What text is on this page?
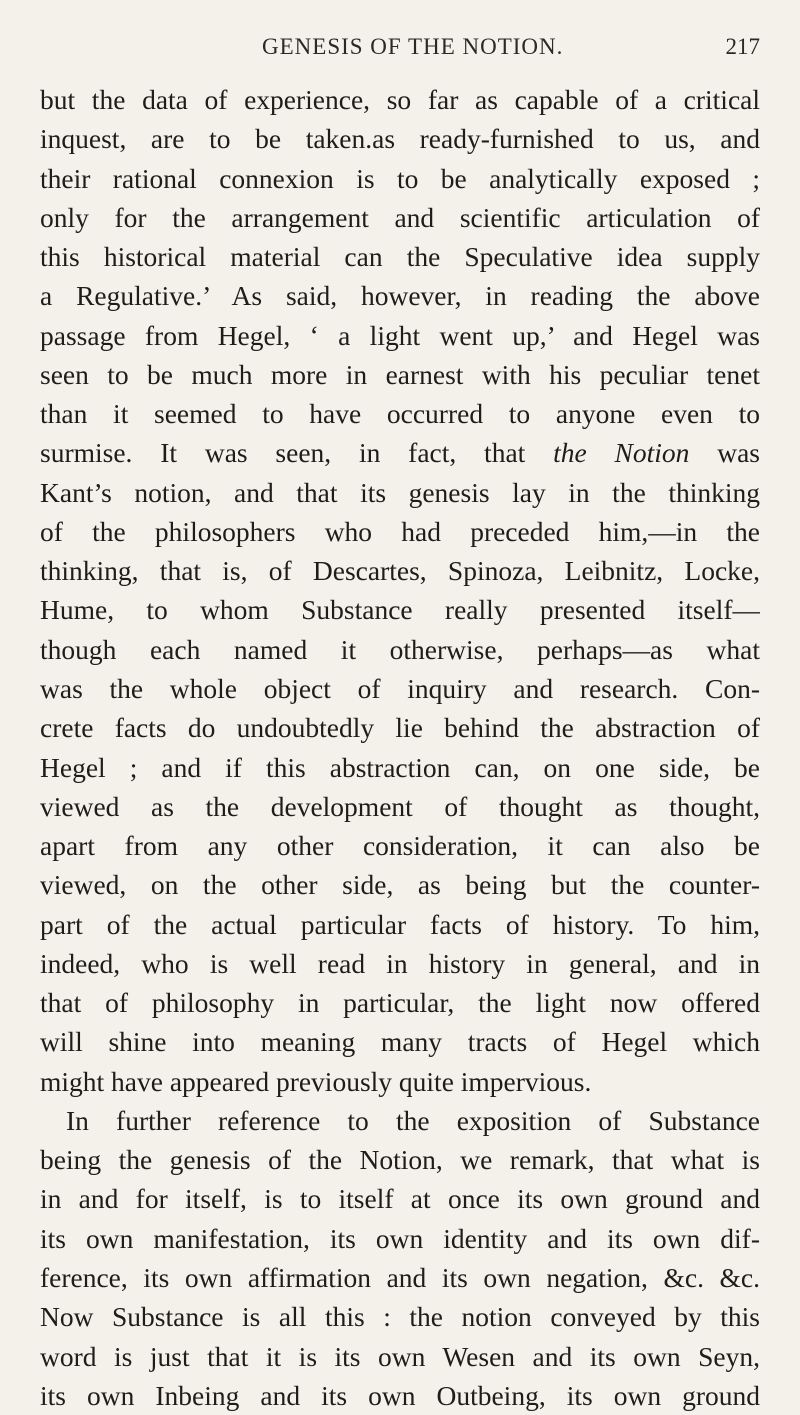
GENESIS OF THE NOTION.	217
but the data of experience, so far as capable of a critical
inquest, are to be taken.as ready-furnished to us, and
their rational connexion is to be analytically exposed ;
only for the arrangement and scientific articulation of
this historical material can the Speculative idea supply
a Regulative.’ As said, however, in reading the above
passage from Hegel, ‘ a light went up,’ and Hegel was
seen to be much more in earnest with his peculiar tenet
than it seemed to have occurred to anyone even to
surmise. It was seen, in fact, that the Notion was
Kant’s notion, and that its genesis lay in the thinking
of the philosophers who had preceded him,—in the
thinking, that is, of Descartes, Spinoza, Leibnitz, Locke,
Hume, to whom Substance really presented itself—
though each named it otherwise, perhaps—as what
was the whole object of inquiry and research. Con-
crete facts do undoubtedly lie behind the abstraction of
Hegel ; and if this abstraction can, on one side, be
viewed as the development of thought as thought,
apart from any other consideration, it can also be
viewed, on the other side, as being but the counter-
part of the actual particular facts of history. To him,
indeed, who is well read in history in general, and in
that of philosophy in particular, the light now offered
will shine into meaning many tracts of Hegel which
might have appeared previously quite impervious.
In further reference to the exposition of Substance
being the genesis of the Notion, we remark, that what is
in and for itself, is to itself at once its own ground and
its own manifestation, its own identity and its own dif-
ference, its own affirmation and its own negation, &c. &c.
Now Substance is all this : the notion conveyed by this
word is just that it is its own Wesen and its own Seyn,
its own Inbeing and its own Outbeing, its own ground
